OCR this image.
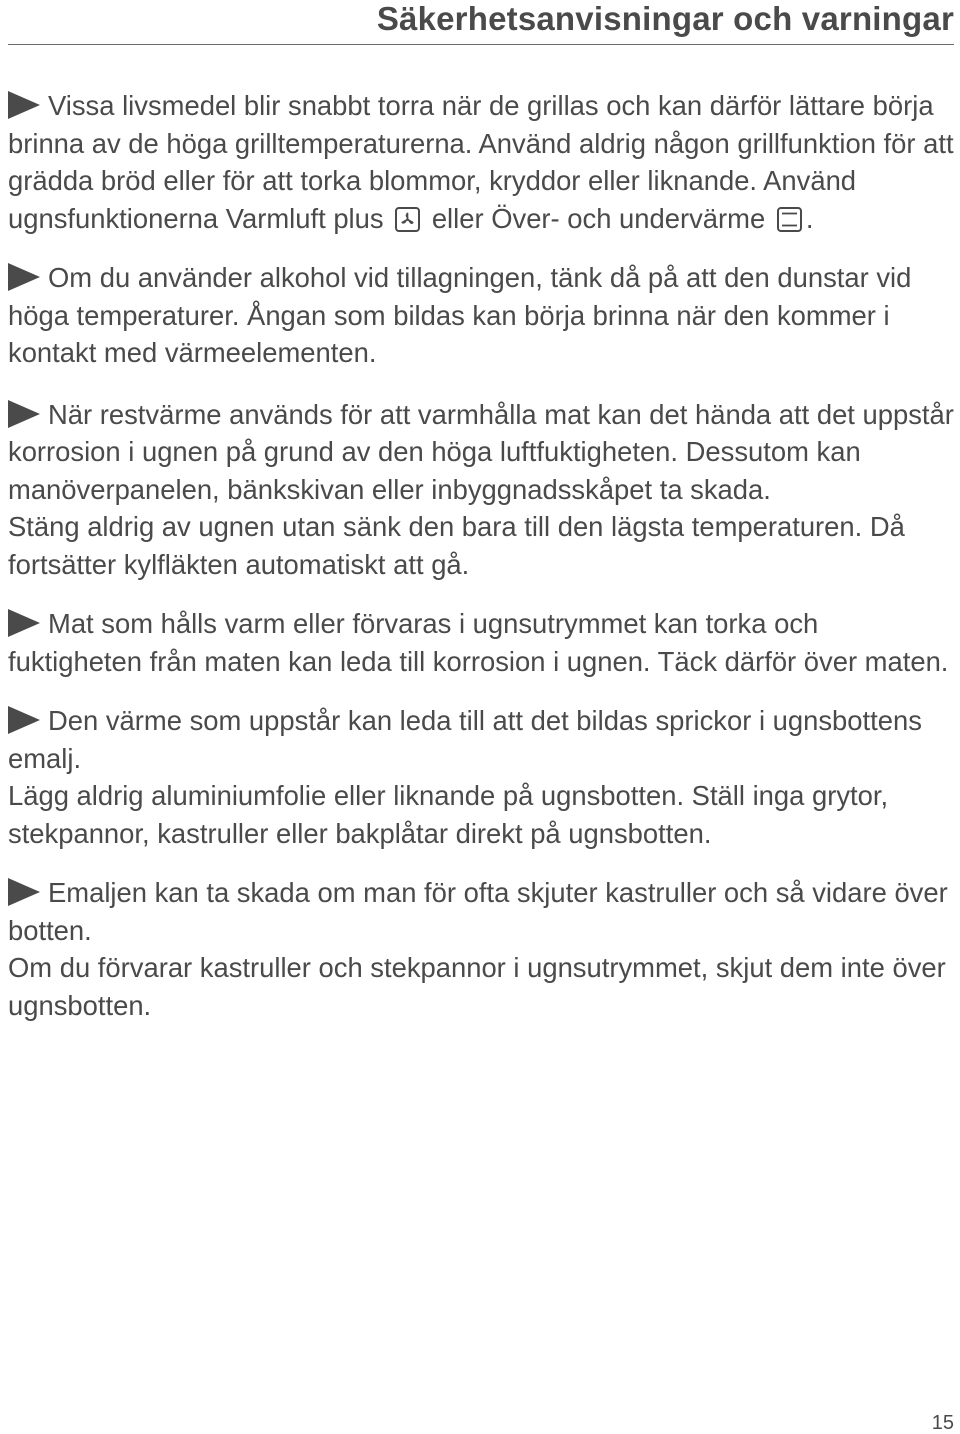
Säkerhetsanvisningar och varningar

Vissa livsmedel blir snabbt torra när de grillas och kan därför lättare börja brinna av de höga grilltemperaturerna. Använd aldrig någon grillfunktion för att grädda bröd eller för att torka blommor, kryddor eller liknande. Använd ugnsfunktionerna Varmluft plus eller Över- och undervärme .

Om du använder alkohol vid tillagningen, tänk då på att den dunstar vid höga temperaturer. Ångan som bildas kan börja brinna när den kommer i kontakt med värmeelementen.

När restvärme används för att varmhålla mat kan det hända att det uppstår korrosion i ugnen på grund av den höga luftfuktigheten. Dessutom kan manöverpanelen, bänkskivan eller inbyggnadsskåpet ta skada.

Stäng aldrig av ugnen utan sänk den bara till den lägsta temperaturen. Då fortsätter kylfläkten automatiskt att gå.

Mat som hålls varm eller förvaras i ugnsutrymmet kan torka och fuktigheten från maten kan leda till korrosion i ugnen. Täck därför över maten.

Den värme som uppstår kan leda till att det bildas sprickor i ugnsbottens emalj.

Lägg aldrig aluminiumfolie eller liknande på ugnsbotten. Ställ inga grytor, stekpannor, kastruller eller bakplåtar direkt på ugnsbotten.

Emaljen kan ta skada om man för ofta skjuter kastruller och så vidare över botten.

Om du förvarar kastruller och stekpannor i ugnsutrymmet, skjut dem inte över ugnsbotten.

15
